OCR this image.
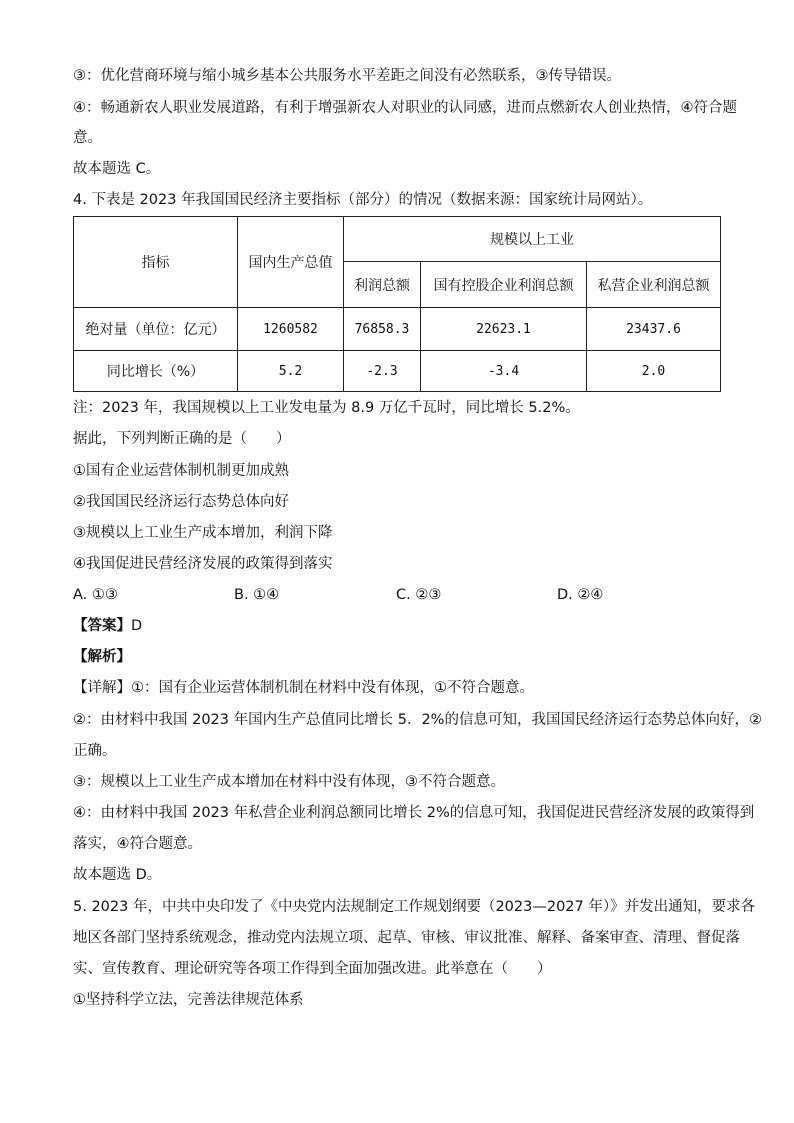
③：优化营商环境与缩小城乡基本公共服务水平差距之间没有必然联系，③传导错误。
④：畅通新农人职业发展道路，有利于增强新农人对职业的认同感，进而点燃新农人创业热情，④符合题
意。
故本题选 C。
4. 下表是 2023 年我国国民经济主要指标（部分）的情况（数据来源：国家统计局网站）。
指标	国内生产总值	规模以上工业		
		利润总额	国有控股企业利润总额	私营企业利润总额
绝对量（单位：亿元）	1260582	76858.3	22623.1	23437.6
同比增长（%）	5.2	-2.3	-3.4	2.0
注：2023 年，我国规模以上工业发电量为 8.9 万亿千瓦时，同比增长 5.2%。
据此，下列判断正确的是（　　）
①国有企业运营体制机制更加成熟
②我国国民经济运行态势总体向好
③规模以上工业生产成本增加，利润下降
④我国促进民营经济发展的政策得到落实
A. ①③	B. ①④	C. ②③	D. ②④
【答案】D
【解析】
【详解】①：国有企业运营体制机制在材料中没有体现，①不符合题意。
②：由材料中我国 2023 年国内生产总值同比增长 5．2%的信息可知，我国国民经济运行态势总体向好，②
正确。
③：规模以上工业生产成本增加在材料中没有体现，③不符合题意。
④：由材料中我国 2023 年私营企业利润总额同比增长 2%的信息可知，我国促进民营经济发展的政策得到
落实，④符合题意。
故本题选 D。
5. 2023 年，中共中央印发了《中央党内法规制定工作规划纲要（2023—2027 年）》并发出通知，要求各
地区各部门坚持系统观念，推动党内法规立项、起草、审核、审议批准、解释、备案审查、清理、督促落
实、宣传教育、理论研究等各项工作得到全面加强改进。此举意在（　　）
①坚持科学立法，完善法律规范体系
